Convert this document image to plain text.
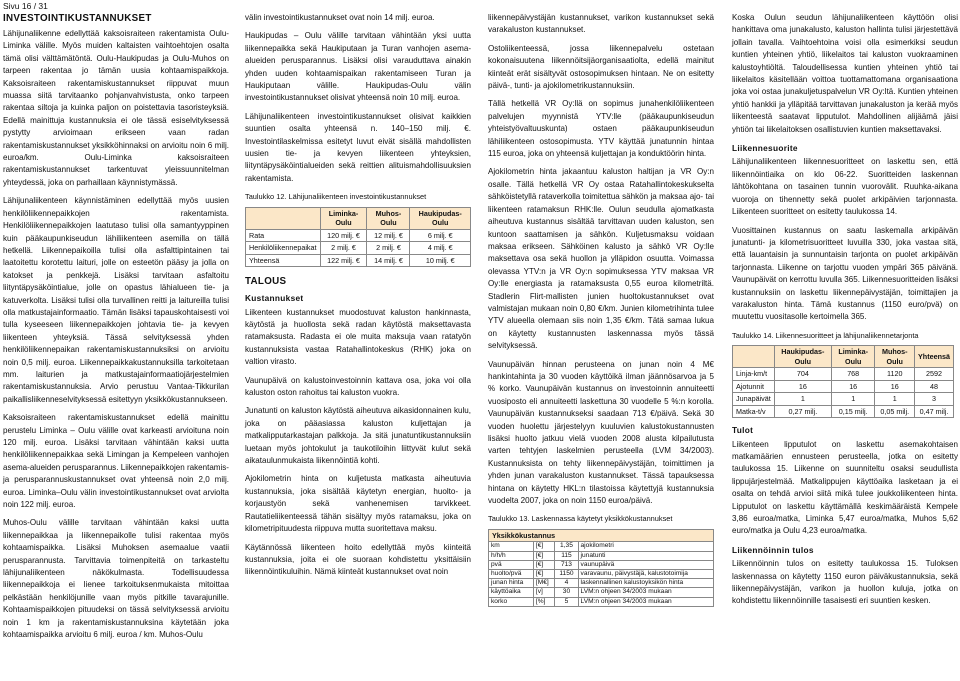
Sivu 16 / 31
INVESTOINTIKUSTANNUKSET

Lähijunaliikenne edellyttää kaksoisraiteen rakentamista Oulu-Liminka välille. Myös muiden kaltaisten vaihtoehtojen osalta tämä olisi välttämätöntä. Oulu-Haukipudas ja Oulu-Muhos on tarpeen rakentaa jo tämän uusia kohtaamispaikkoja. Kaksoisraiteen rakentamiskustannukset riippuvat muun muassa siitä tarvitaanko pohjanvahvistusta, onko tarpeen rakentaa siltoja ja kuinka paljon on poistettavia tasoristeyksiä. Edellä mainittuja kustannuksia ei ole tässä esiselvityksessä pystytty arvioimaan erikseen vaan radan rakentamiskustannukset yksikköhinnaksi on arvioitu noin 6 milj. euroa/km. Oulu-Liminka kaksoisraiteen rakentamiskustannukset tarkentuvat yleissuunnitelman yhteydessä, joka on parhaillaan käynnistymässä.

Lähijunaliikenteen käynnistäminen edellyttää myös uusien henkilöliikennepaikkojen rakentamista. Henkilöliikennepaikkojen laatutaso tulisi olla samantyyppinen kuin pääkaupunkiseudun lähiliikenteen asemilla on tällä hetkellä. Liikennepaikoilla tulisi olla asfalttipintainen tai laatoitettu korotettu laituri, jolle on esteetön pääsy ja jolla on katokset ja penkkejä. Lisäksi tarvitaan asfaltoitu liityntäpysäköintialue, jolle on opastus lähialueen tie- ja katuverkolta. Lisäksi tulisi olla turvallinen reitti ja laitureilla tulisi olla matkustajainformaatio. Tämän lisäksi tapauskohtaisesti voi tulla kyseeseen liikennepaikkojen johtavia tie- ja kevyen liikenteen yhteyksiä. Tässä selvityksessä yhden henkilöliikennepaikan rakentamiskustannuksiksi on arvioitu noin 0,5 milj. euroa. Liikennepaikkakustannuksilla tarkoitetaan mm. laiturien ja matkustajainformaatiojärjestelmien rakentamiskustannuksia. Arvio perustuu Vantaa-Tikkurilan paikallisliikenneselvityksessä esitettyyn yksikkökustannukseen.

Kaksoisraiteen rakentamiskustannukset edellä mainittu perustelu Liminka – Oulu välille ovat karkeasti arvioituna noin 120 milj. euroa. Lisäksi tarvitaan vähintään kaksi uutta henkilöliikennepaikkaa sekä Limingan ja Kempeleen vanhojen asema-alueiden perusparannus. Liikennepaikkojen rakentamis- ja perusparannuskustannukset ovat yhteensä noin 2,0 milj. euroa. Liminka–Oulu välin investointikustannukset ovat arviolta noin 122 milj. euroa.

Muhos-Oulu välille tarvitaan vähintään kaksi uutta liikennepaikkaa ja liikennepaikolle tulisi rakentaa myös kohtaamispaikka. Lisäksi Muhoksen asemaalue vaatii perusparannusta. Tarvittavia toimenpiteitä on tarkasteltu lähijunaliikenteen näkökulmasta. Todellisuudessa liikennepaikkoja ei lienee tarkoituksenmukaista mitoittaa pelkästään henkilöjunille vaan myös pitkille tavarajunille. Kohtaamispaikkojen pituudeksi on tässä selvityksessä arvioitu noin 1 km ja rakentamiskustannuksina käytetään joka kohtaamispaikka arvioitu 6 milj. euroa / km. Muhos-Oulu

välin investointikustannukset ovat noin 14 milj. euroa.

Haukipudas – Oulu välille tarvitaan vähintään yksi uutta liikennepaikka sekä Haukiputaan ja Turan vanhojen asema-alueiden perusparannus. Lisäksi olisi varauduttava ainakin yhden uuden kohtaamispaikan rakentamiseen Turan ja Haukiputaan välille. Haukipudas-Oulu välin investointikustannukset olisivat yhteensä noin 10 milj. euroa.

Lähijunaliikenteen investointikustannukset olisivat kaikkien suuntien osalta yhteensä n. 140–150 milj. €. Investointilaskelmissa esitetyt luvut eivät sisällä mahdollisten uusien tie- ja kevyen liikenteen yhteyksien, liityntäpysäköintialueiden sekä reittien alituismahdollisuuksien rakentamista.

Taulukko 12. Lähijunaliikenteen investointikustannukset
	Liminka-Oulu	Muhos-Oulu	Haukipudas-Oulu
Rata	120 milj. €	12 milj. €	6 milj. €
Henkilöliikennepaikat	2 milj. €	2 milj. €	4 milj. €
Yhteensä	122 milj. €	14 milj. €	10 milj. €
TALOUS
Kustannukset

Liikenteen kustannukset muodostuvat kaluston hankinnasta, käytöstä ja huollosta sekä radan käytöstä maksettavasta ratamaksusta. Radasta ei ole muita maksuja vaan ratatyön kustannuksista vastaa Ratahallintokeskus (RHK) joka on valtion virasto.

Vaunupäivä on kalustoinvestoinnin kattava osa, joka voi olla kaluston oston rahoitus tai kaluston vuokra.

Junatunti on kaluston käytöstä aiheutuva aikasidonnainen kulu, joka on pääasiassa kaluston kuljettajan ja matkalipputarkastajan palkkoja. Ja sitä junatuntikustannuksiin luetaan myös johtokulut ja taukotiloihin liittyvät kulut sekä aikataulunmukaista liikennöintiä kohti.

Ajokilometrin hinta on kuljetusta matkasta aiheutuvia kustannuksia, joka sisältää käytetyn energian, huolto- ja korjaustyön sekä vanhenemisen tarvikkeet. Rautatieliikenteessä tähän sisältyy myös ratamaksu, joka on kilometripituudesta riippuva mutta suoritettava maksu.

Käytännössä liikenteen hoito edellyttää myös kiinteitä kustannuksia, joita ei ole suoraan kohdistettu yksittäisiin liikennöintikuluihin. Nämä kiinteät kustannukset ovat noin

liikennepäivystäjän kustannukset, varikon kustannukset sekä varakaluston kustannukset.

Ostoliikenteessä, jossa liikennepalvelu ostetaan kokonaisuutena liikennöitsijäorganisaatiolta, edellä mainitut kiinteät erät sisältyvät ostosopimuksen hintaan. Ne on esitetty päivä-, tunti- ja ajokilometrikustannuksiin.

Tällä hetkellä VR Oy:llä on sopimus junahenkilöliikenteen palvelujen myynnistä YTV:lle (pääkaupunkiseudun yhteistyövaltuuskunta) ostaen pääkaupunkiseudun lähiliikenteen ostosopimusta. YTV käyttää junatunnin hintaa 115 euroa, joka on yhteensä kuljettajan ja konduktöörin hinta.

Ajokilometrin hinta jakaantuu kaluston haltijan ja VR Oy:n osalle. Tällä hetkellä VR Oy ostaa Ratahallintokeskukselta sähköistetyllä rataverkolla toimitettua sähkön ja maksaa ajo- tai liikenteen ratamaksun RHK:lle. Oulun seudulla ajomatkasta aiheutuva kustannus sisältää tarvittavan uuden kaluston, sen kuntoon saattamisen ja sähkön. Kuljetusmaksu voidaan maksaa erikseen. Sähköinen kalusto ja sähkö VR Oy:lle maksettava osa sekä huollon ja ylläpidon osuutta. Voimassa olevassa YTV:n ja VR Oy:n sopimuksessa YTV maksaa VR Oy:lle energiasta ja ratamaksusta 0,55 euroa kilometriltä. Stadlerin Flirt-mallisten junien huoltokustannukset ovat valmistajan mukaan noin 0,80 €/km. Junien kilometrihinta tulee YTV alueella olemaan siis noin 1,35 €/km. Tätä samaa lukua on käytetty kustannusten laskennassa myös tässä selvityksessä.

Vaunupäivän hinnan perusteena on junan noin 4 M€ hankintahinta ja 30 vuoden käyttöikä ilman jäännösarvoa ja 5 % korko. Vaunupäivän kustannus on investoinnin annuiteetti vuosiposto eli annuiteetti laskettuna 30 vuodelle 5 %:n korolla. Vaunupäivän kustannukseksi saadaan 713 €/päivä. Sekä 30 vuoden huolettu järjestelyyn kuuluvien kalustokustannusten lisäksi huolto jatkuu vielä vuoden 2008 alusta kilpailutusta varten tehtyjen laskelmien perusteella (LVM 34/2003). Kustannuksista on tehty liikennepäivystäjän, toimittimen ja yhden junan varakaluston kustannukset. Tässä tapauksessa hintana on käytetty HKL:n tilastoissa käytettyjä kustannuksia vuodelta 2007, joka on noin 1150 euroa/päivä.

Taulukko 13. Laskennassa käytetyt yksikkökustannukset
Yksikkökustannus			
km	[€]	1,35	ajokilometri
h/h/h	[€]	115	junatunti
pvä	[€]	713	vaunupäivä
huolto/pvä	[€]	1150	varavaunu, päivystäjä, kalustotoimija
junan hinta	[M€]	4	laskennallinen kalustoyksikön hinta
käyttöaika	[v]	30	LVM:n ohjeen 34/2003 mukaan
korko	[%]	5	LVM:n ohjeen 34/2003 mukaan

Koska Oulun seudun lähijunaliikenteen käyttöön olisi hankittava oma junakalusto, kaluston hallinta tulisi järjestettävä jollain tavalla. Vaihtoehtoina voisi olla esimerkiksi seudun kuntien yhteinen yhtiö, liikelaitos tai kaluston vuokraaminen kalustoyhtiöltä. Taloudellisessa kuntien yhteinen yhtiö tai liikelaitos käsitellään voittoa tuottamattomana organisaationa joka voi ostaa junakuljetuspalvelun VR Oy:ltä. Kuntien yhteinen yhtiö hankkii ja ylläpitää tarvittavan junakaluston ja kerää myös liikenteestä saatavat lipputulot. Mahdollinen alijäämä jäisi yhtiön tai liikelaitoksen osallistuvien kuntien maksettavaksi.

Liikennesuorite

Lähijunaliikenteen liikennesuoritteet on laskettu sen, että liikennöintiaika on klo 06-22. Suoritteiden laskennan lähtökohtana on tasainen tunnin vuorovälit. Ruuhka-aikana vuoroja on tihennetty sekä puolet arkipäivien tarjonnasta. Liikenteen suoritteet on esitetty taulukossa 14.

Vuosittainen kustannus on saatu laskemalla arkipäivän junatunti- ja kilometrisuoritteet luvuilla 330, joka vastaa sitä, että lauantaisin ja sunnuntaisin tarjonta on puolet arkipäivän tarjonnasta. Liikenne on tarjottu vuoden ympäri 365 päivänä. Vaunupäivät on kerrottu luvulla 365. Liikennesuoritteiden lisäksi kustannuksiin on laskettu liikennepäivystäjän, toimittajien ja varakaluston hinta. Tämä kustannus (1150 euro/pvä) on muutettu vuositasolle kertoimella 365.

Taulukko 14. Liikennesuoritteet ja lähijunaliikennetarjonta
	Haukipudas-Oulu	Liminka-Oulu	Muhos-Oulu	Yhteensä
Linja-km/t	704	768	1120	2592
Ajotunnit	16	16	16	48
Junapäivät	1	1	1	3
Matka-t/v	0,27 milj.	0,15 milj.	0,05 milj.	0,47 milj.
Tulot

Liikenteen lipputulot on laskettu asemakohtaisen matkamäärien ennusteen perusteella, jotka on esitetty taulukossa 15. Liikenne on suunniteltu osaksi seudullista lippujärjestelmää. Matkalippujen käyttöaika lasketaan ja ei osalta on tehdä arvioi siitä mikä tulee joukkoliikenteen hinta. Lipputulot on laskettu käyttämällä keskimääräistä Kempele 3,86 euroa/matka, Liminka 5,47 euroa/matka, Muhos 5,62 euro/matka ja Oulu 4,23 euroa/matka.

Liikennöinnin tulos

Liikennöinnin tulos on esitetty taulukossa 15. Tuloksen laskennassa on käytetty 1150 euron päiväkustannuksia, sekä liikennepäivystäjän, varikon ja huollon kuluja, jotka on kohdistettu liikennöinnille tasaisesti eri suuntien kesken.
